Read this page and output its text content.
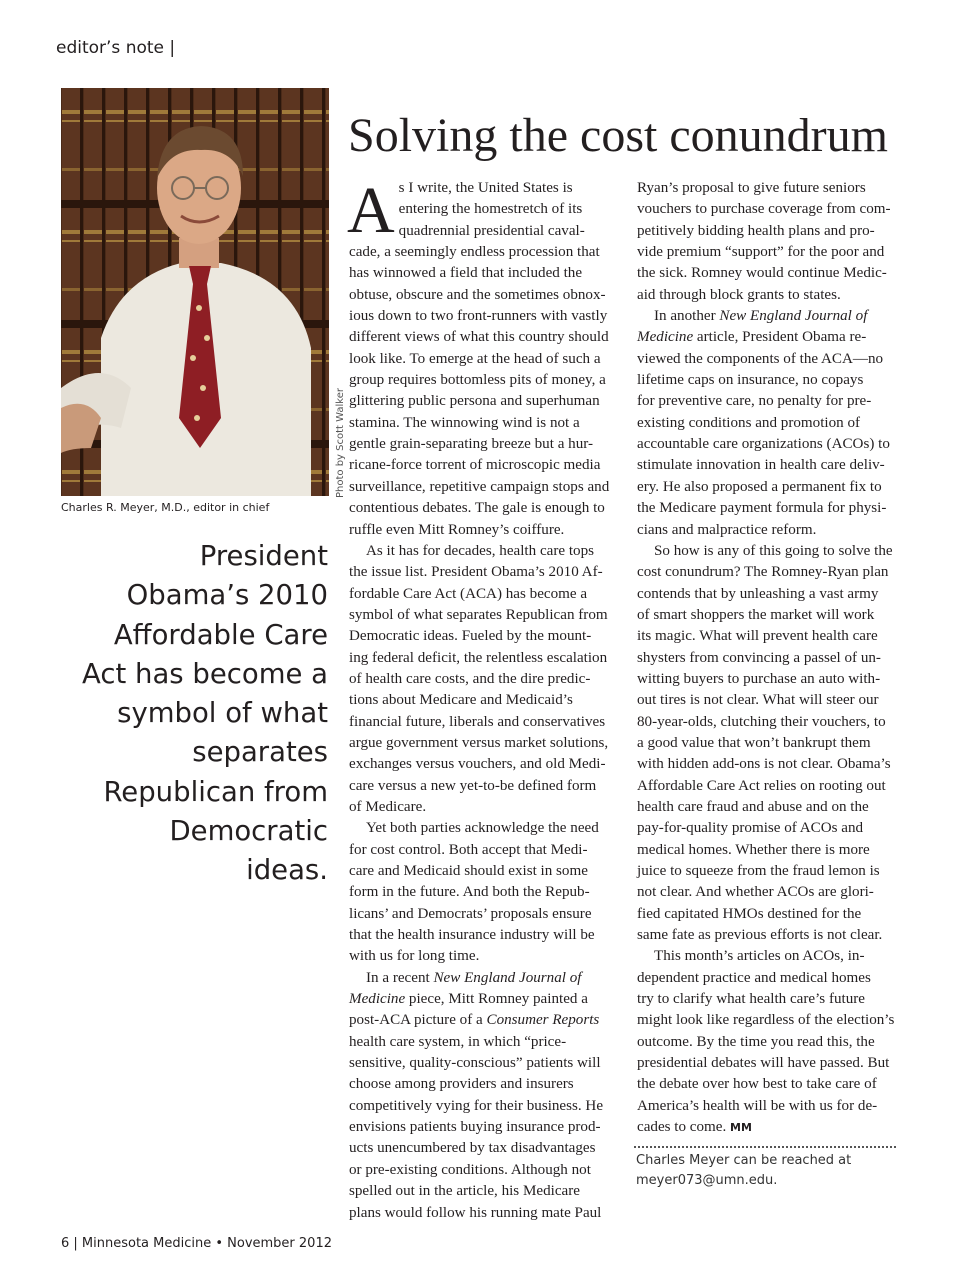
editor’s note |
Photo by Scott Walker
Charles R. Meyer, M.D., editor in chief
President Obama’s 2010 Affordable Care Act has become a symbol of what separates Republican from Democratic ideas.
Solving the cost conundrum
A s I write, the United States is
entering the homestretch of its
quadrennial presidential caval-
cade, a seemingly endless procession that
has winnowed a field that included the
obtuse, obscure and the sometimes obnox-
ious down to two front-runners with vastly
different views of what this country should
look like. To emerge at the head of such a
group requires bottomless pits of money, a
glittering public persona and superhuman
stamina. The winnowing wind is not a
gentle grain-separating breeze but a hur-
ricane-force torrent of microscopic media
surveillance, repetitive campaign stops and
contentious debates. The gale is enough to
ruffle even Mitt Romney’s coiffure.
As it has for decades, health care tops
the issue list. President Obama’s 2010 Af-
fordable Care Act (ACA) has become a
symbol of what separates Republican from
Democratic ideas. Fueled by the mount-
ing federal deficit, the relentless escalation
of health care costs, and the dire predic-
tions about Medicare and Medicaid’s
financial future, liberals and conservatives
argue government versus market solutions,
exchanges versus vouchers, and old Medi-
care versus a new yet-to-be defined form
of Medicare.
Yet both parties acknowledge the need
for cost control. Both accept that Medi-
care and Medicaid should exist in some
form in the future. And both the Repub-
licans’ and Democrats’ proposals ensure
that the health insurance industry will be
with us for long time.
In a recent New England Journal of
Medicine piece, Mitt Romney painted a
post-ACA picture of a Consumer Reports
health care system, in which “price-
sensitive, quality-conscious” patients will
choose among providers and insurers
competitively vying for their business. He
envisions patients buying insurance prod-
ucts unencumbered by tax disadvantages
or pre-existing conditions. Although not
spelled out in the article, his Medicare
plans would follow his running mate Paul
Ryan’s proposal to give future seniors
vouchers to purchase coverage from com-
petitively bidding health plans and pro-
vide premium “support” for the poor and
the sick. Romney would continue Medic-
aid through block grants to states.
In another New England Journal of
Medicine article, President Obama re-
viewed the components of the ACA—no
lifetime caps on insurance, no copays
for preventive care, no penalty for pre-
existing conditions and promotion of
accountable care organizations (ACOs) to
stimulate innovation in health care deliv-
ery. He also proposed a permanent fix to
the Medicare payment formula for physi-
cians and malpractice reform.
So how is any of this going to solve the
cost conundrum? The Romney-Ryan plan
contends that by unleashing a vast army
of smart shoppers the market will work
its magic. What will prevent health care
shysters from convincing a passel of un-
witting buyers to purchase an auto with-
out tires is not clear. What will steer our
80-year-olds, clutching their vouchers, to
a good value that won’t bankrupt them
with hidden add-ons is not clear. Obama’s
Affordable Care Act relies on rooting out
health care fraud and abuse and on the
pay-for-quality promise of ACOs and
medical homes. Whether there is more
juice to squeeze from the fraud lemon is
not clear. And whether ACOs are glori-
fied capitated HMOs destined for the
same fate as previous efforts is not clear.
This month’s articles on ACOs, in-
dependent practice and medical homes
try to clarify what health care’s future
might look like regardless of the election’s
outcome. By the time you read this, the
presidential debates will have passed. But
the debate over how best to take care of
America’s health will be with us for de-
cades to come. MM
Charles Meyer can be reached at
meyer073@umn.edu.
6 | Minnesota Medicine • November 2012
